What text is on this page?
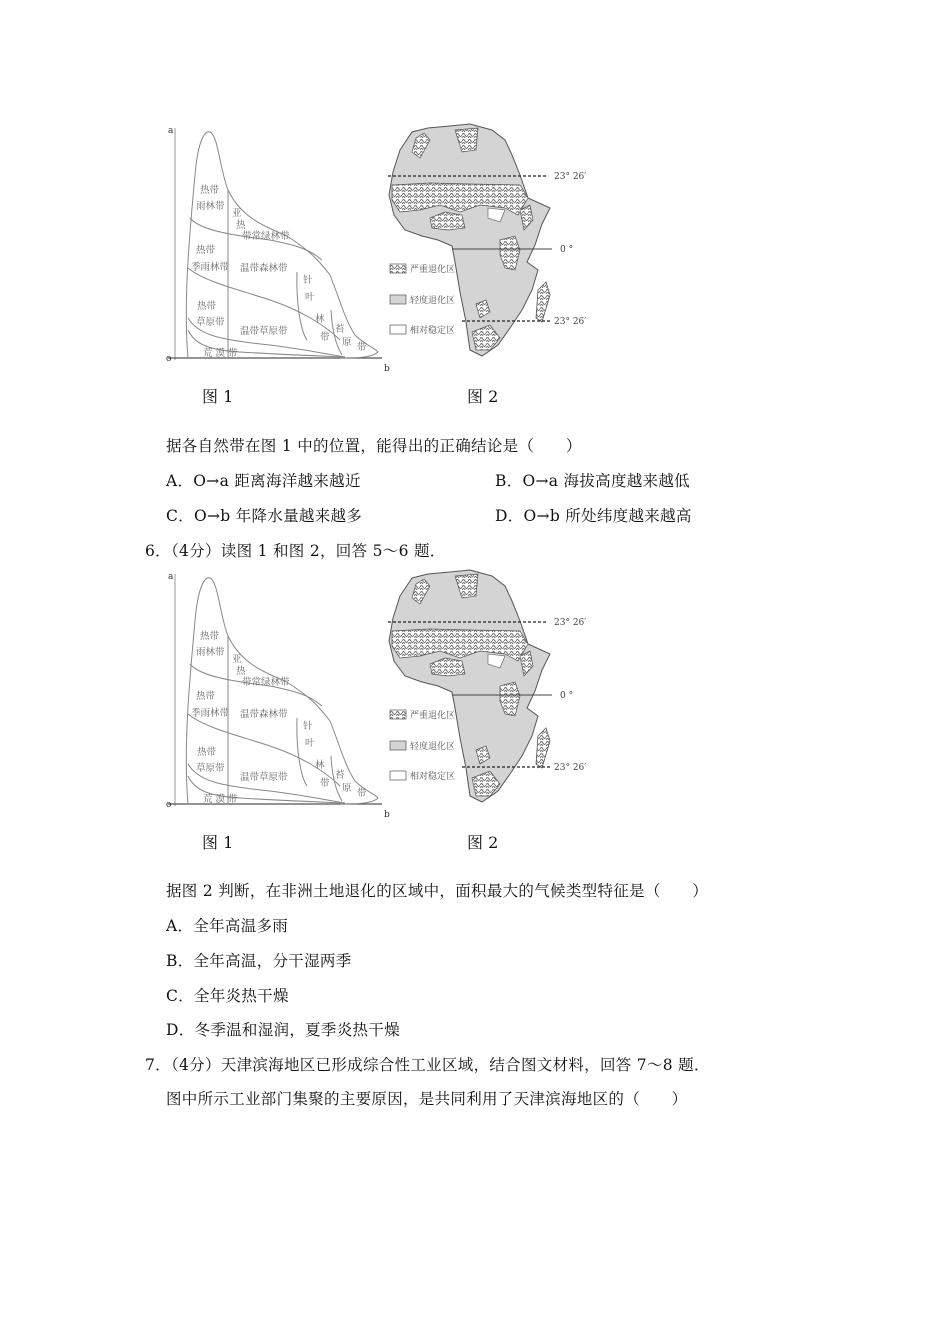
热带
雨林带
亚
热
带常绿林带
热带
季雨林带 温带森林带
针
叶
林
带
热带
草原带
温带草原带	苔
原 带
荒 漠 带
a
o
b
23° 26′
0 °
23° 26′
严重退化区
轻度退化区
相对稳定区
图 1	图 2
据各自然带在图 1 中的位置，能得出的正确结论是（　　）
A．O→a 距离海洋越来越近	B．O→a 海拔高度越来越低
C．O→b 年降水量越来越多	D．O→b 所处纬度越来越高
6．（4分）读图 1 和图 2，回答 5～6 题．
热带
雨林带
亚
热
带常绿林带
热带
季雨林带 温带森林带
针
叶
林
带
热带
草原带
温带草原带	苔
原 带
荒 漠 带
a
o
b
23° 26′
0 °
23° 26′
严重退化区
轻度退化区
相对稳定区
图 1	图 2
据图 2 判断，在非洲土地退化的区域中，面积最大的气候类型特征是（　　）
A．全年高温多雨
B．全年高温，分干湿两季
C．全年炎热干燥
D．冬季温和湿润，夏季炎热干燥
7．（4分）天津滨海地区已形成综合性工业区域，结合图文材料，回答 7～8 题．
图中所示工业部门集聚的主要原因，是共同利用了天津滨海地区的（　　）
